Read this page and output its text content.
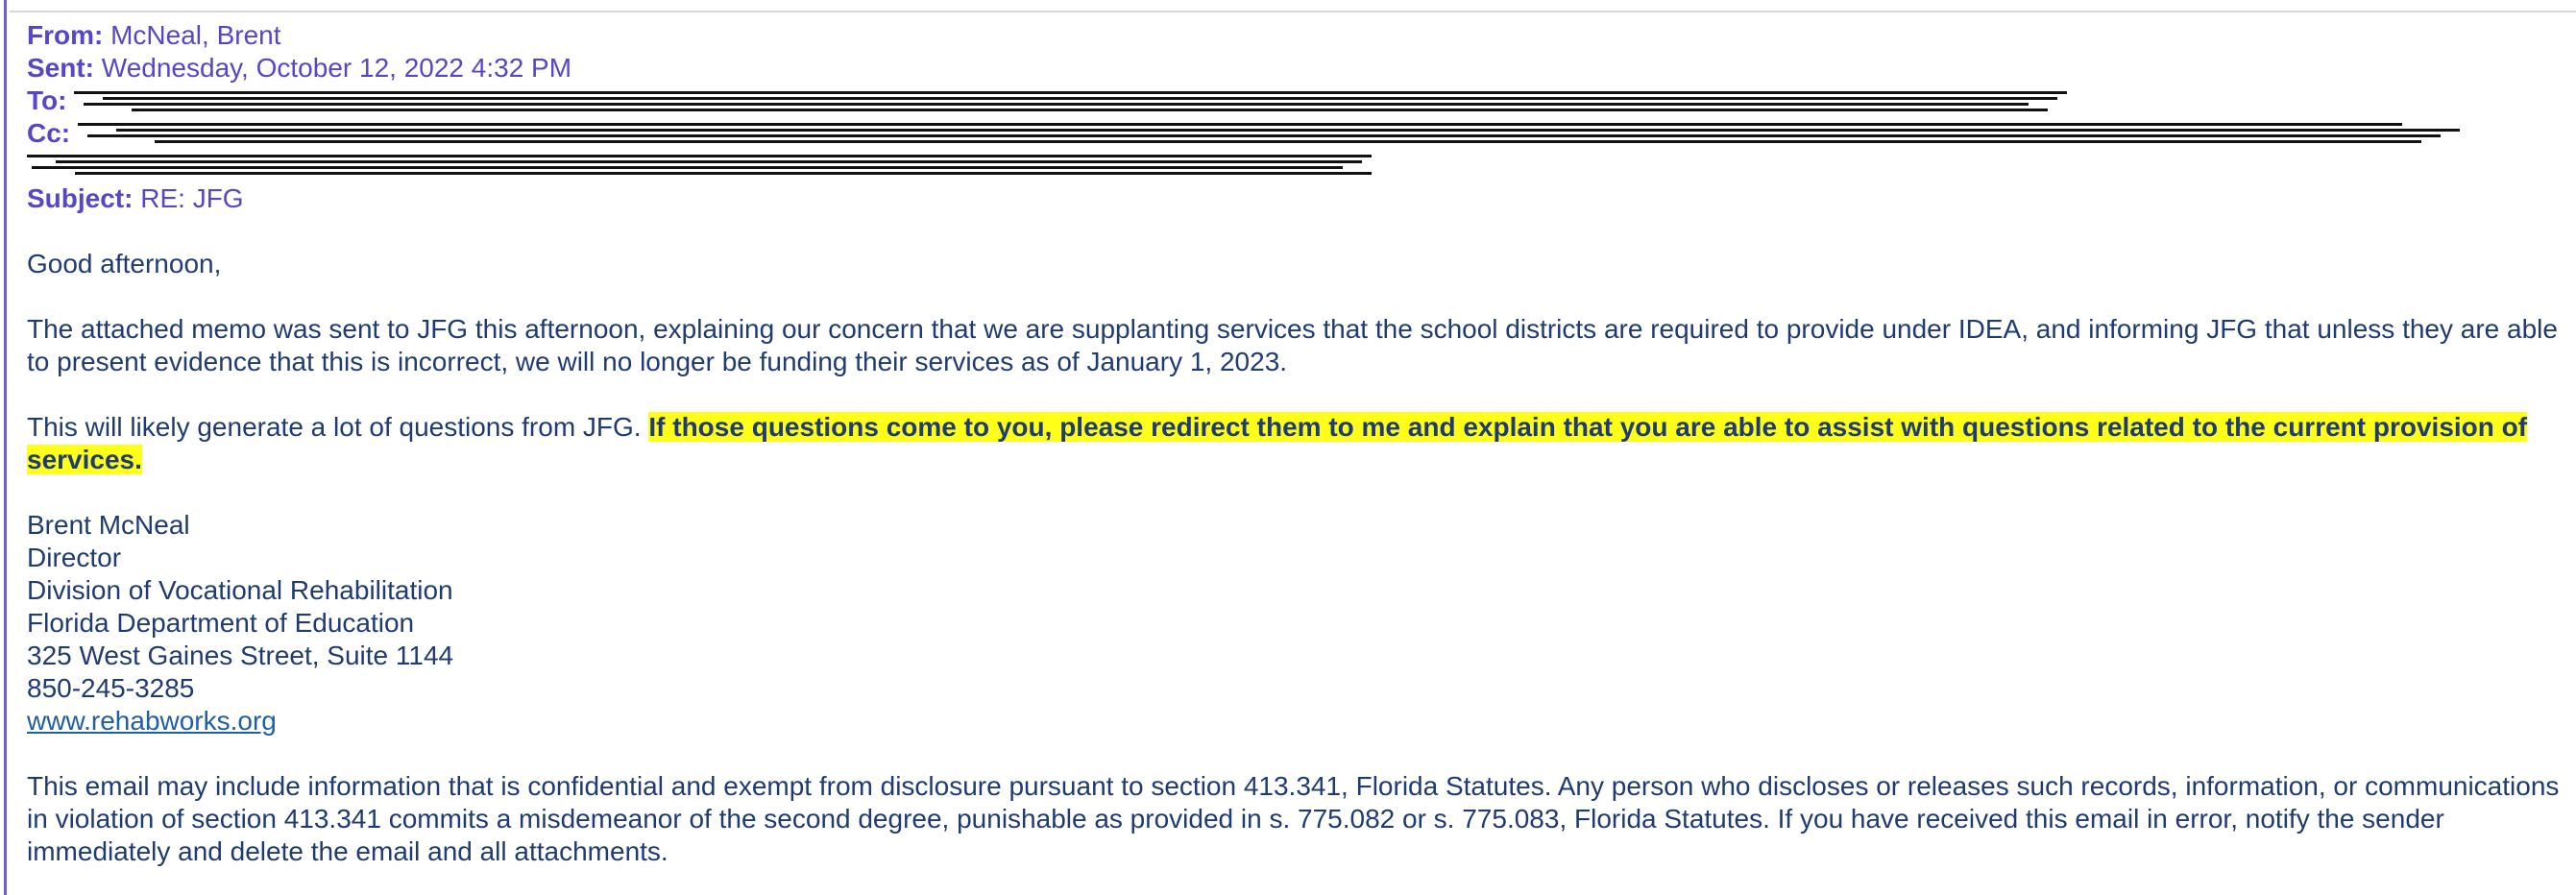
From: McNeal, Brent
Sent: Wednesday, October 12, 2022 4:32 PM
To:
Cc:
Subject: RE: JFG

Good afternoon,

The attached memo was sent to JFG this afternoon, explaining our concern that we are supplanting services that the school districts are required to provide under IDEA, and informing JFG that unless they are able to present evidence that this is incorrect, we will no longer be funding their services as of January 1, 2023.

This will likely generate a lot of questions from JFG. If those questions come to you, please redirect them to me and explain that you are able to assist with questions related to the current provision of services.

Brent McNeal
Director
Division of Vocational Rehabilitation
Florida Department of Education
325 West Gaines Street, Suite 1144
850-245-3285
www.rehabworks.org

This email may include information that is confidential and exempt from disclosure pursuant to section 413.341, Florida Statutes. Any person who discloses or releases such records, information, or communications in violation of section 413.341 commits a misdemeanor of the second degree, punishable as provided in s. 775.082 or s. 775.083, Florida Statutes. If you have received this email in error, notify the sender immediately and delete the email and all attachments.
